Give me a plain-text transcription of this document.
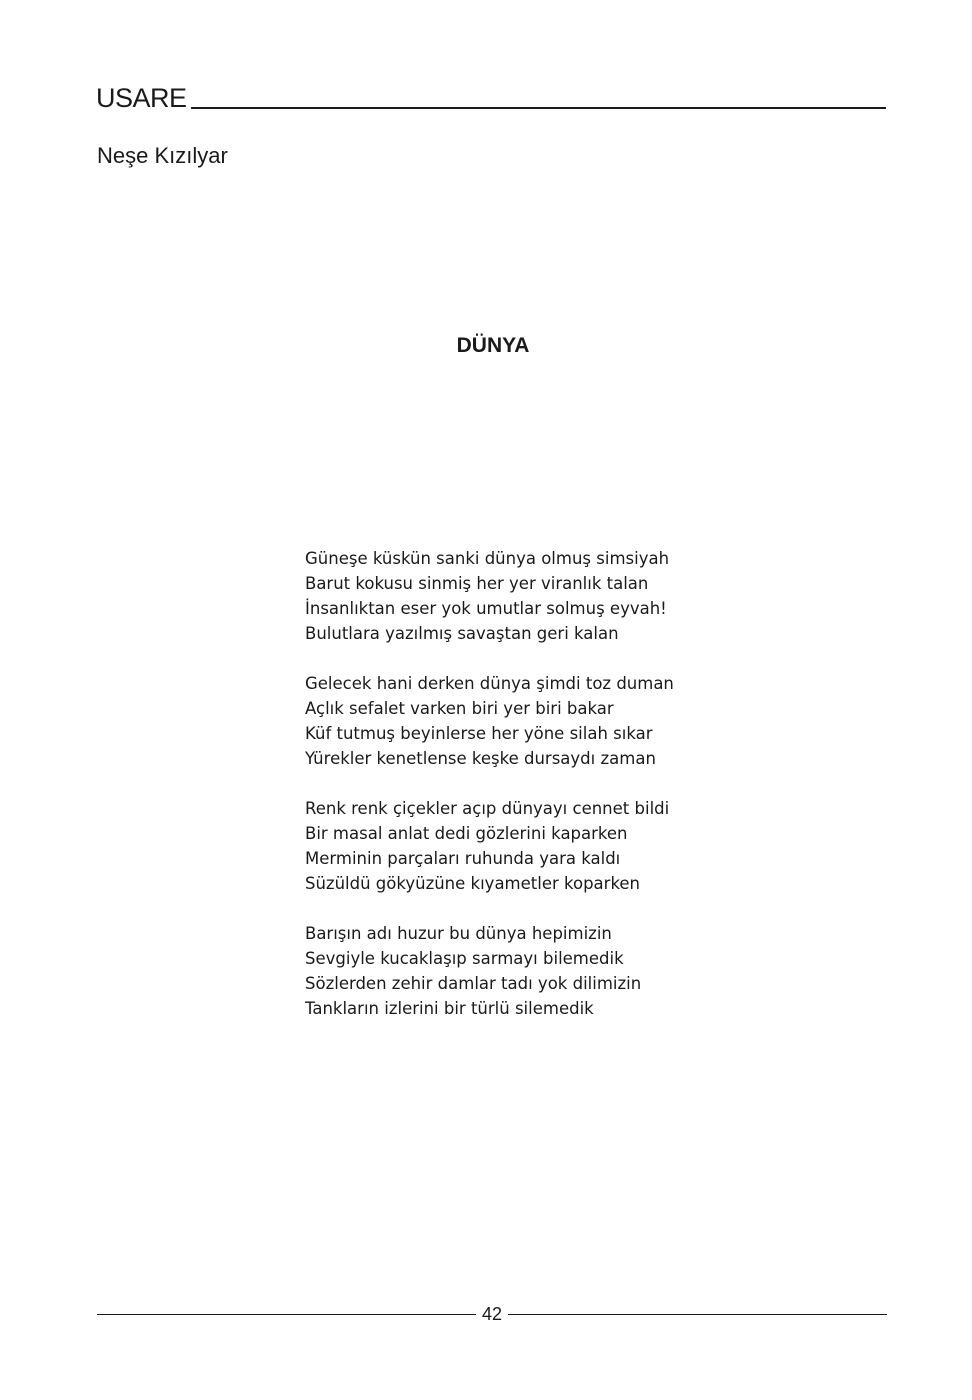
USARE
Neşe Kızılyar
DÜNYA
Güneşe küskün sanki dünya olmuş simsiyah
Barut kokusu sinmiş her yer viranlık talan
İnsanlıktan eser yok umutlar solmuş eyvah!
Bulutlara yazılmış savaştan geri kalan
Gelecek hani derken dünya şimdi toz duman
Açlık sefalet varken biri yer biri bakar
Küf tutmuş beyinlerse her yöne silah sıkar
Yürekler kenetlense keşke dursaydı zaman
Renk renk çiçekler açıp dünyayı cennet bildi
Bir masal anlat dedi gözlerini kaparken
Merminin parçaları ruhunda yara kaldı
Süzüldü gökyüzüne kıyametler koparken
Barışın adı huzur bu dünya hepimizin
Sevgiyle kucaklaşıp sarmayı bilemedik
Sözlerden zehir damlar tadı yok dilimizin
Tankların izlerini bir türlü silemedik
42
